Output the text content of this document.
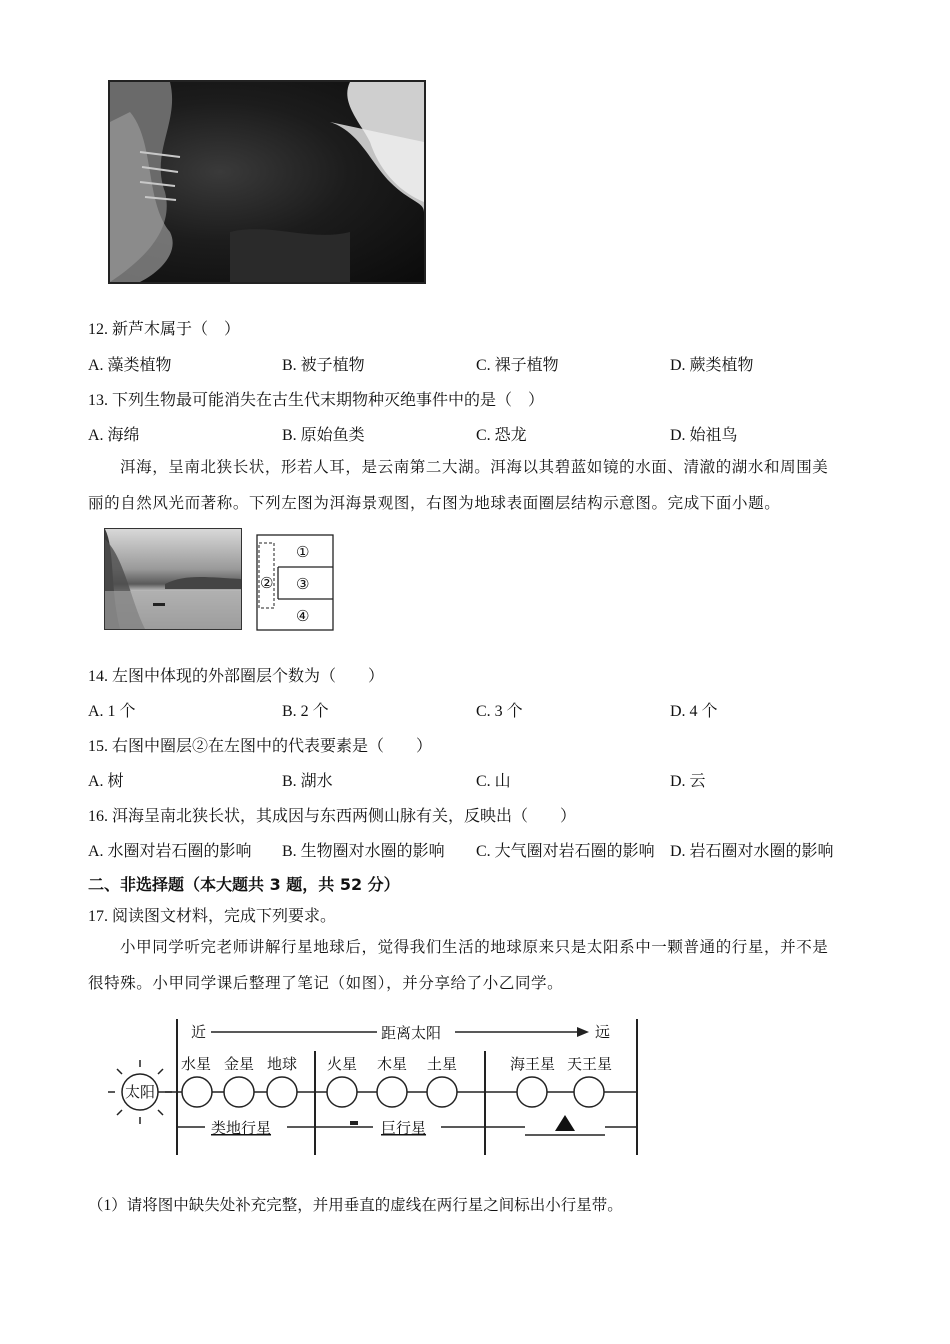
12. 新芦木属于（　）
A. 藻类植物	B. 被子植物	C. 裸子植物	D. 蕨类植物
13. 下列生物最可能消失在古生代末期物种灭绝事件中的是（　）
A. 海绵	B. 原始鱼类	C. 恐龙	D. 始祖鸟
洱海，呈南北狭长状，形若人耳，是云南第二大湖。洱海以其碧蓝如镜的水面、清澈的湖水和周围美
丽的自然风光而著称。下列左图为洱海景观图，右图为地球表面圈层结构示意图。完成下面小题。
①
② ③
④
14. 左图中体现的外部圈层个数为（　　）
A. 1 个	B. 2 个	C. 3 个	D. 4 个
15. 右图中圈层②在左图中的代表要素是（　　）
A. 树	B. 湖水	C. 山	D. 云
16. 洱海呈南北狭长状，其成因与东西两侧山脉有关，反映出（　　）
A. 水圈对岩石圈的影响 B. 生物圈对水圈的影响 C. 大气圈对岩石圈的影响 D. 岩石圈对水圈的影响
二、非选择题（本大题共 3 题，共 52 分）
17. 阅读图文材料，完成下列要求。
小甲同学听完老师讲解行星地球后，觉得我们生活的地球原来只是太阳系中一颗普通的行星，并不是
很特殊。小甲同学课后整理了笔记（如图），并分享给了小乙同学。
近	距离太阳	远
太阳
水星 金星 地球 火星 木星 土星	海王星 天王星
类地行星	巨行星
（1）请将图中缺失处补充完整，并用垂直的虚线在两行星之间标出小行星带。
